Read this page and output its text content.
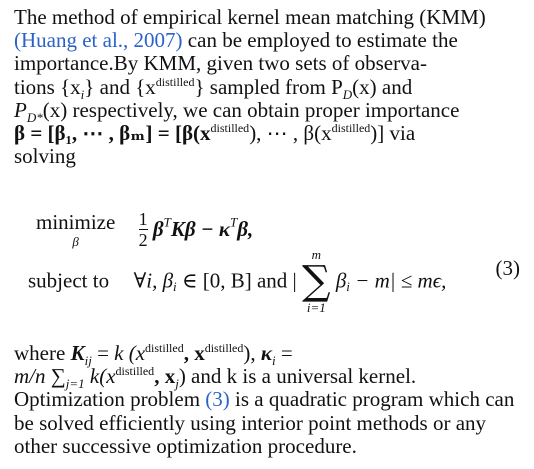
The method of empirical kernel mean matching (KMM)
(Huang et al., 2007) can be employed to estimate the
importance.By KMM, given two sets of observa-
tions $\{x_i\}$ and $\{x^{distilled}\}$ sampled from $P_D(x)$ and
$P_{D*}(x)$ respectively, we can obtain proper importance
β = [β₁, ⋯ , $\beta_m] = [\beta(x^{distilled})$, ⋯ , $\beta(x^{distilled})$] via
solving
minimize
β
	$\frac{1}{2} \beta^TK\beta - \kappa^T\beta$,
(3)
subject to ∀i, $\beta_i$ ∈ [0, B] and |
m
∑
i=1
$\beta_i - m| \le m\epsilon$,
where $K_{ij} = k$ ($x^{distilled}$, $x^{distilled}$), $\kappa_i$ =
m/n $\sum_{j=1}$ $k(x^{distilled}$, $x_j$) and k is a universal kernel.
Optimization problem (3) is a quadratic program which can
be solved efficiently using interior point methods or any
other successive optimization procedure.
